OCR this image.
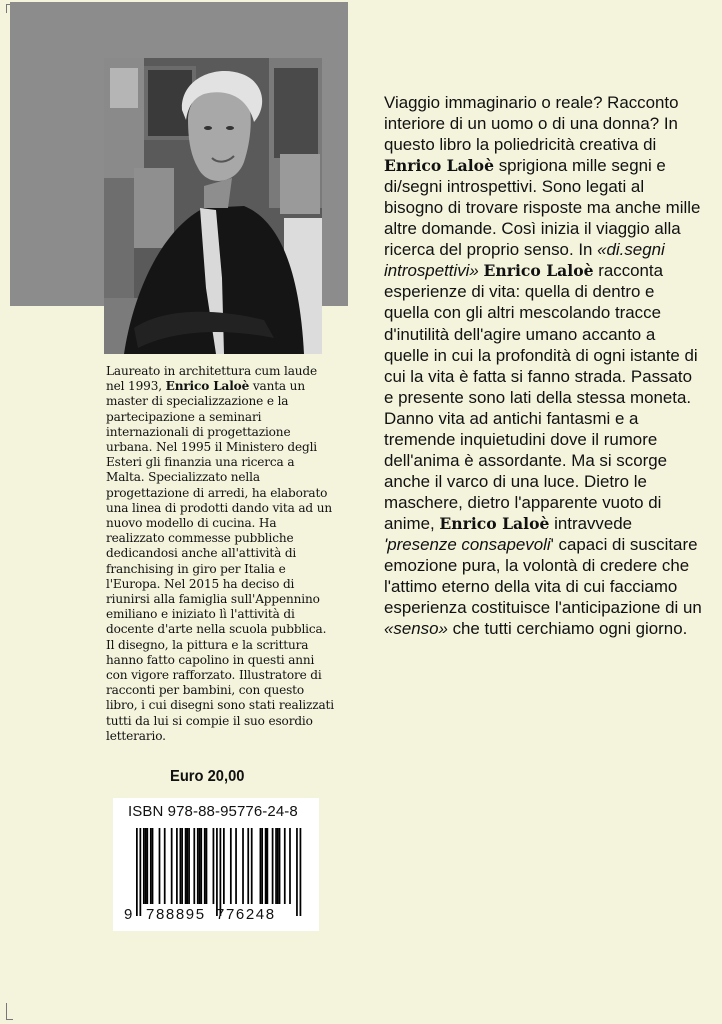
Laureato in architettura cum laude nel 1993, Enrico Laloè vanta un master di specializzazione e la partecipazione a seminari internazionali di progettazione urbana. Nel 1995 il Ministero degli Esteri gli finanzia una ricerca a Malta. Specializzato nella progettazione di arredi, ha elaborato una linea di prodotti dando vita ad un nuovo modello di cucina. Ha realizzato commesse pubbliche dedicandosi anche all'attività di franchising in giro per Italia e l'Europa. Nel 2015 ha deciso di riunirsi alla famiglia sull'Appennino emiliano e iniziato lì l'attività di docente d'arte nella scuola pubblica. Il disegno, la pittura e la scrittura hanno fatto capolino in questi anni con vigore rafforzato. Illustratore di racconti per bambini, con questo libro, i cui disegni sono stati realizzati tutti da lui si compie il suo esordio letterario.
Euro 20,00
ISBN 978-88-95776-24-8
9 788895 776248
Viaggio immaginario o reale? Racconto interiore di un uomo o di una donna? In questo libro la poliedricità creativa di Enrico Laloè sprigiona mille segni e di/segni introspettivi. Sono legati al bisogno di trovare risposte ma anche mille altre domande. Così inizia il viaggio alla ricerca del proprio senso. In «di.segni introspettivi» Enrico Laloè racconta esperienze di vita: quella di dentro e quella con gli altri mescolando tracce d'inutilità dell'agire umano accanto a quelle in cui la profondità di ogni istante di cui la vita è fatta si fanno strada. Passato e presente sono lati della stessa moneta. Danno vita ad antichi fantasmi e a tremende inquietudini dove il rumore dell'anima è assordante. Ma si scorge anche il varco di una luce. Dietro le maschere, dietro l'apparente vuoto di anime, Enrico Laloè intravvede 'presenze consapevoli' capaci di suscitare emozione pura, la volontà di credere che l'attimo eterno della vita di cui facciamo esperienza costituisce l'anticipazione di un «senso» che tutti cerchiamo ogni giorno.
